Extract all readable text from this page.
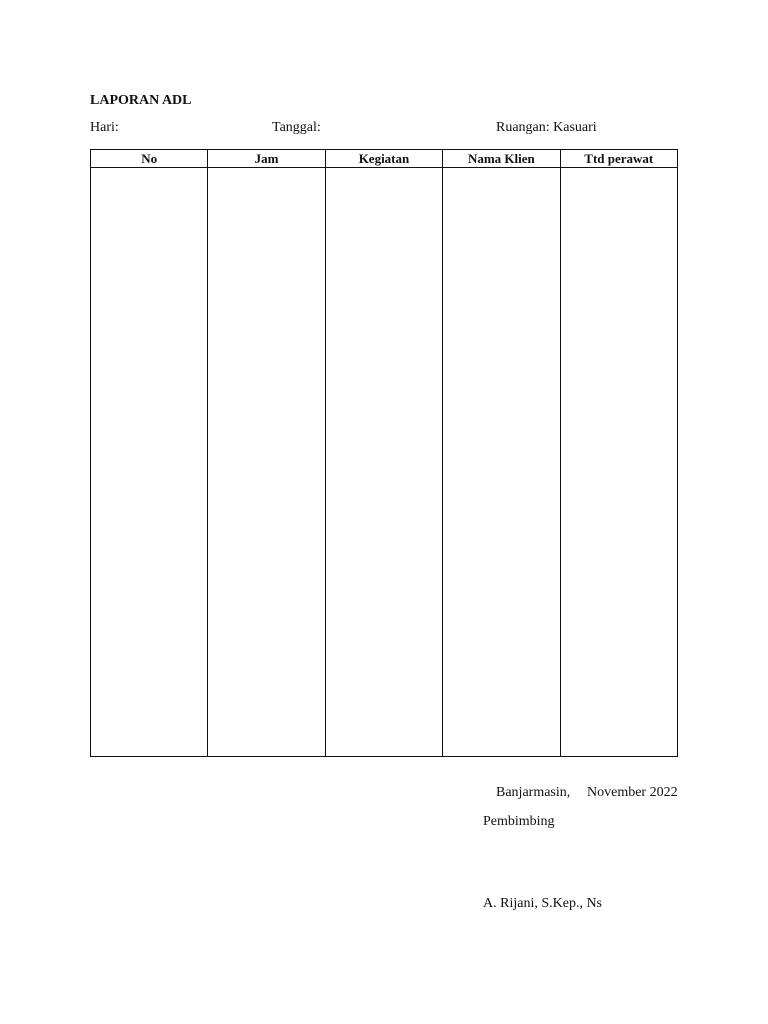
LAPORAN ADL
Hari:	Tanggal:	Ruangan: Kasuari
No	Jam	Kegiatan	Nama Klien	Ttd perawat

Banjarmasin, November 2022
Pembimbing
A. Rijani, S.Kep., Ns
